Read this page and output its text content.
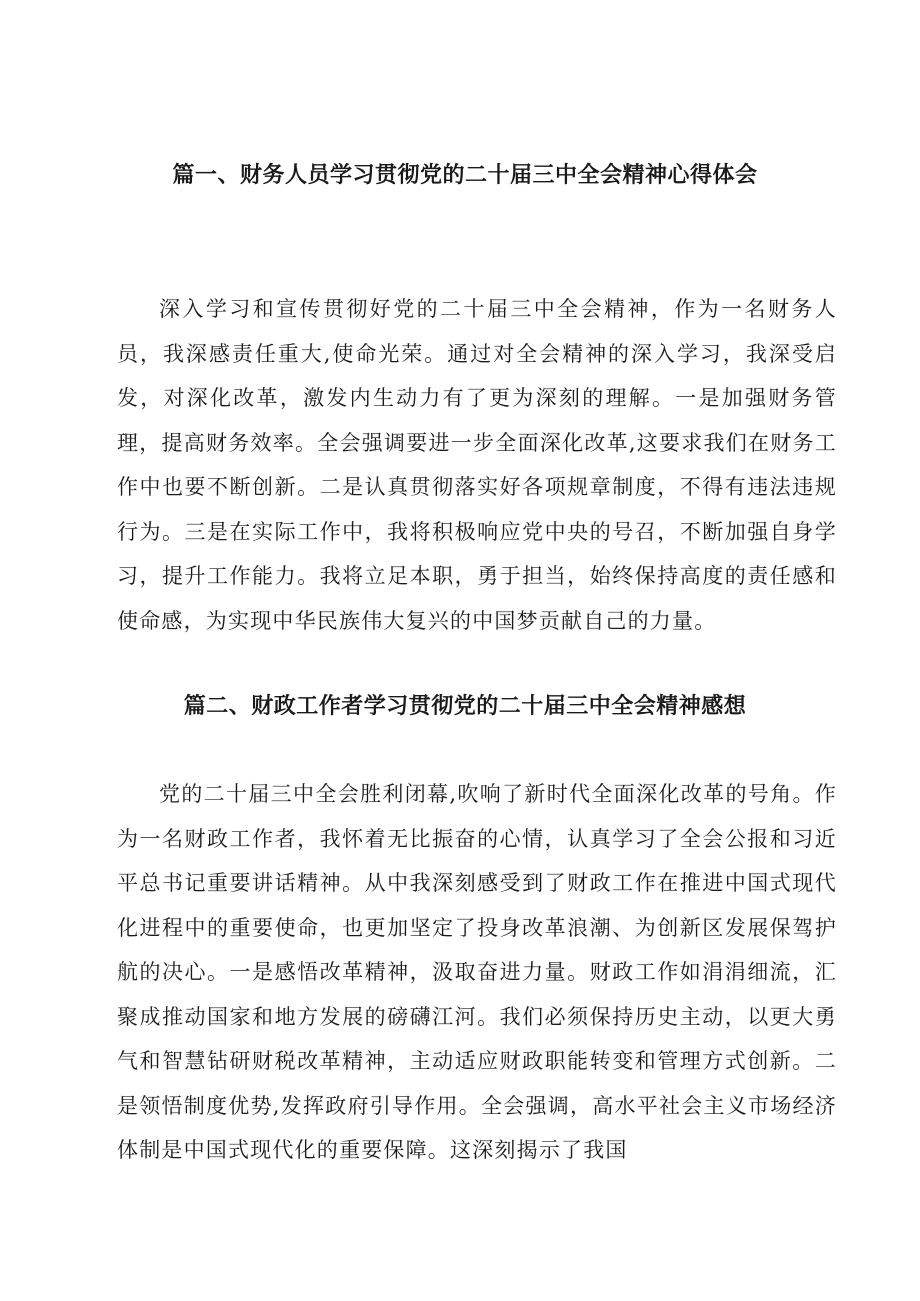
篇一、财务人员学习贯彻党的二十届三中全会精神心得体会

深入学习和宣传贯彻好党的二十届三中全会精神，作为一名财务人员，我深感责任重大,使命光荣。通过对全会精神的深入学习，我深受启发，对深化改革，激发内生动力有了更为深刻的理解。一是加强财务管理，提高财务效率。全会强调要进一步全面深化改革,这要求我们在财务工作中也要不断创新。二是认真贯彻落实好各项规章制度，不得有违法违规行为。三是在实际工作中，我将积极响应党中央的号召，不断加强自身学习，提升工作能力。我将立足本职，勇于担当，始终保持高度的责任感和使命感，为实现中华民族伟大复兴的中国梦贡献自己的力量。

篇二、财政工作者学习贯彻党的二十届三中全会精神感想

党的二十届三中全会胜利闭幕,吹响了新时代全面深化改革的号角。作为一名财政工作者，我怀着无比振奋的心情，认真学习了全会公报和习近平总书记重要讲话精神。从中我深刻感受到了财政工作在推进中国式现代化进程中的重要使命，也更加坚定了投身改革浪潮、为创新区发展保驾护航的决心。一是感悟改革精神，汲取奋进力量。财政工作如涓涓细流，汇聚成推动国家和地方发展的磅礴江河。我们必须保持历史主动，以更大勇气和智慧钻研财税改革精神，主动适应财政职能转变和管理方式创新。二是领悟制度优势,发挥政府引导作用。全会强调，高水平社会主义市场经济体制是中国式现代化的重要保障。这深刻揭示了我国
